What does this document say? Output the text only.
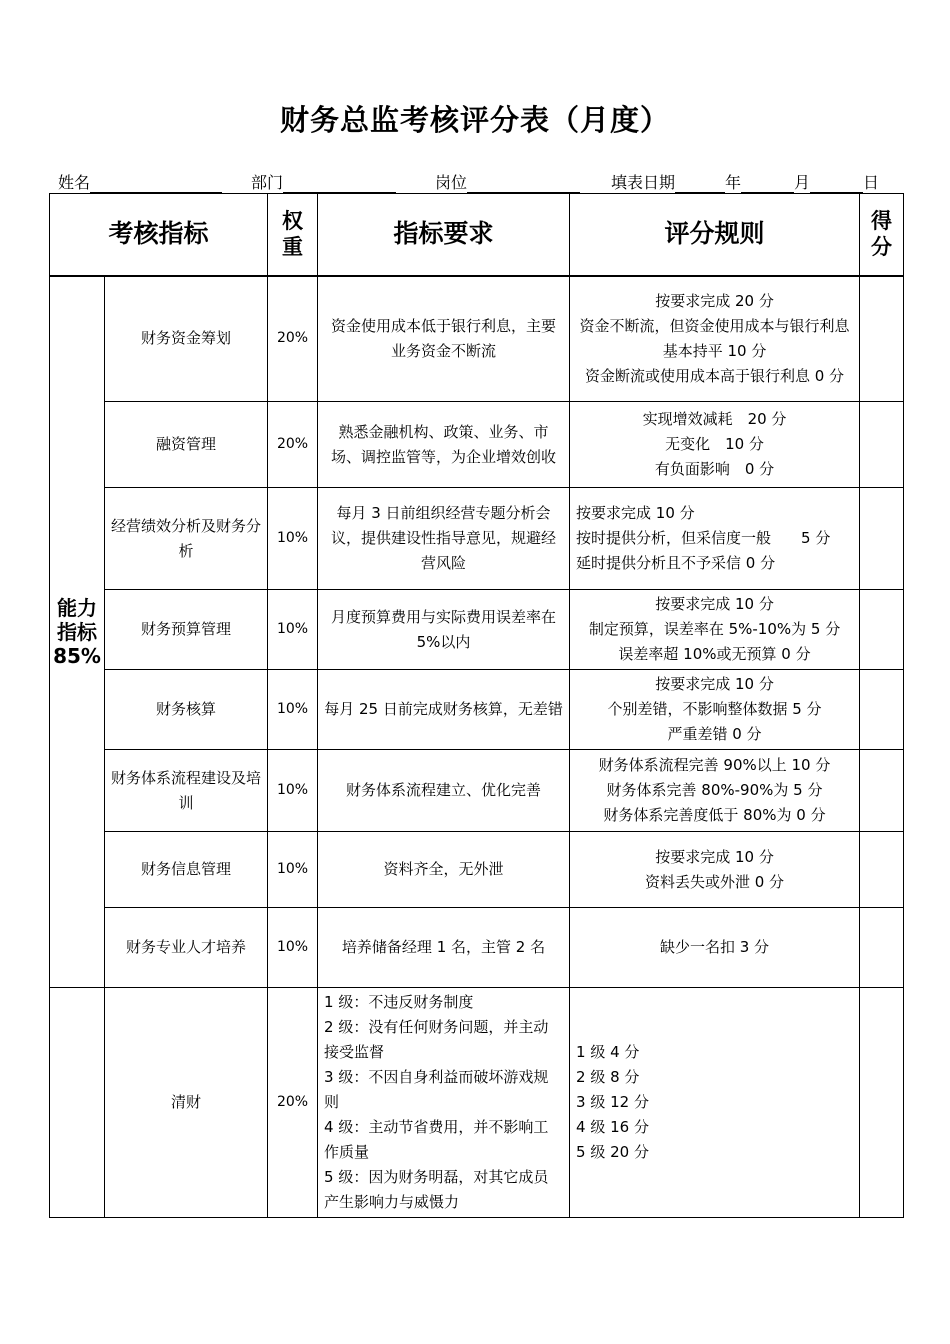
财务总监考核评分表（月度）
姓名	部门	岗位	填表日期	年	月	日
考核指标		权重	指标要求	评分规则	得分
能力指标85%	财务资金筹划	20%	资金使用成本低于银行利息，主要业务资金不断流	按要求完成 20 分
资金不断流，但资金使用成本与银行利息基本持平 10 分
资金断流或使用成本高于银行利息 0 分	

	融资管理	20%	熟悉金融机构、政策、业务、市场、调控监管等，为企业增效创收	实现增效减耗　20 分
无变化　10 分
有负面影响　0 分	

	经营绩效分析及财务分析	10%	每月 3 日前组织经营专题分析会议，提供建设性指导意见，规避经营风险	按要求完成 10 分
按时提供分析，但采信度一般　　5 分
延时提供分析且不予采信 0 分	

	财务预算管理	10%	月度预算费用与实际费用误差率在 5%以内	按要求完成 10 分
制定预算，误差率在 5%-10%为 5 分
误差率超 10%或无预算 0 分	

	财务核算	10%	每月 25 日前完成财务核算，无差错	按要求完成 10 分
个别差错，不影响整体数据 5 分
严重差错 0 分	

	财务体系流程建设及培训	10%	财务体系流程建立、优化完善	财务体系流程完善 90%以上 10 分
财务体系完善 80%-90%为 5 分
财务体系完善度低于 80%为 0 分	

	财务信息管理	10%	资料齐全，无外泄	按要求完成 10 分
资料丢失或外泄 0 分	

	财务专业人才培养	10%	培养储备经理 1 名，主管 2 名	缺少一名扣 3 分	

	清财	20%	1 级：不违反财务制度
2 级：没有任何财务问题，并主动接受监督
3 级：不因自身利益而破坏游戏规则
4 级：主动节省费用，并不影响工作质量
5 级：因为财务明磊，对其它成员产生影响力与威慑力	1 级 4 分
2 级 8 分
3 级 12 分
4 级 16 分
5 级 20 分	
